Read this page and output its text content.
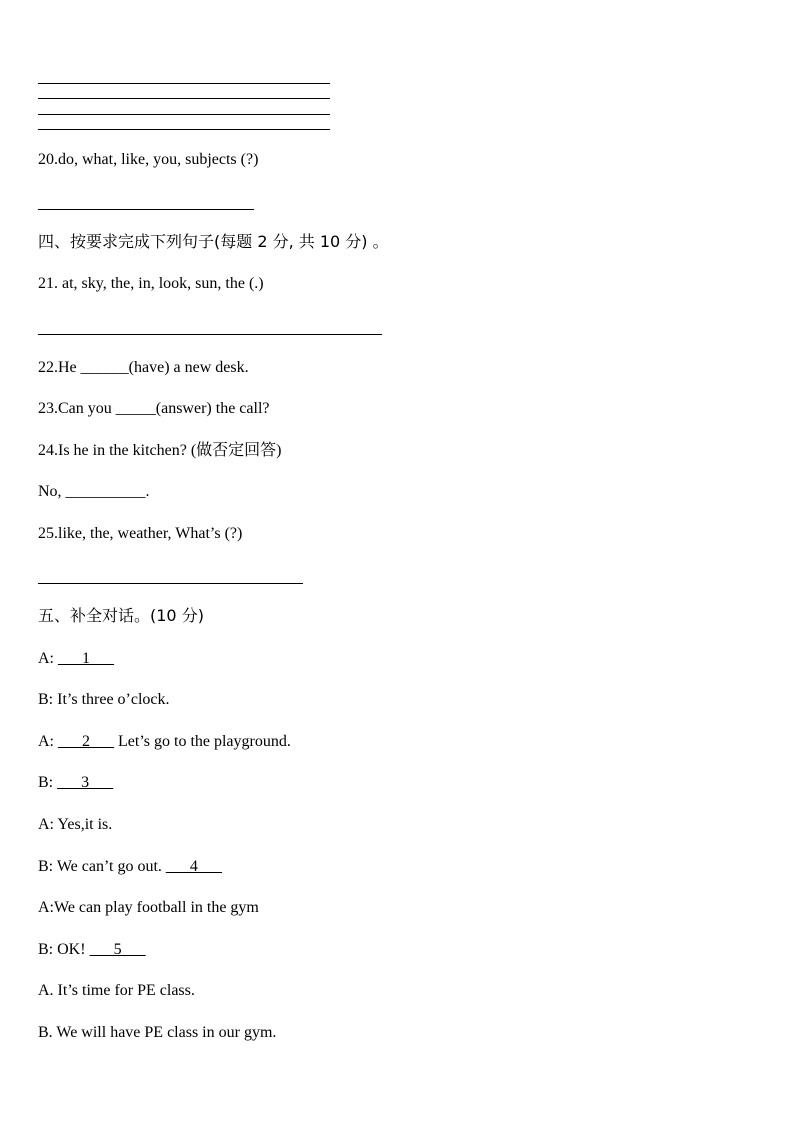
20.do, what, like, you, subjects (?)
四、按要求完成下列句子(每题 2 分, 共 10 分) 。
21. at, sky, the, in, look, sun, the (.)
22.He ______(have) a new desk.
23.Can you _____(answer) the call?
24.Is he in the kitchen? (做否定回答)
No, __________.
25.like, the, weather, What’s (?)
五、补全对话。(10 分)
A: ___1___
B: It’s three o’clock.
A: ___2___ Let’s go to the playground.
B: ___3___
A: Yes,it is.
B: We can’t go out. ___4___
A:We can play football in the gym
B: OK! ___5___
A. It’s time for PE class.
B. We will have PE class in our gym.
